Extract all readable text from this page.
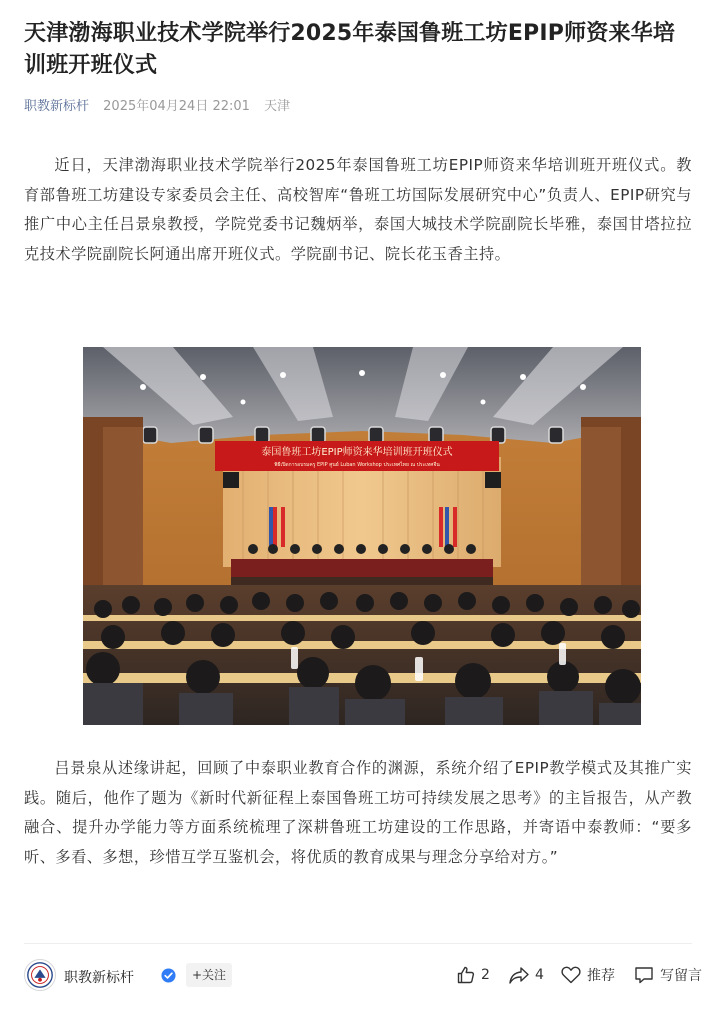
天津渤海职业技术学院举行2025年泰国鲁班工坊EPIP师资来华培训班开班仪式
职教新标杆 2025年04月24日 22:01 天津

近日，天津渤海职业技术学院举行2025年泰国鲁班工坊EPIP师资来华培训班开班仪式。教育部鲁班工坊建设专家委员会主任、高校智库“鲁班工坊国际发展研究中心”负责人、EPIP研究与推广中心主任吕景泉教授，学院党委书记魏炳举，泰国大城技术学院副院长毕雅，泰国甘塔拉拉克技术学院副院长阿通出席开班仪式。学院副书记、院长花玉香主持。

泰国鲁班工坊EPIP师资来华培训班开班仪式
พิธีเปิดการอบรมครู EPIP ศูนย์ Luban Workshop ประเทศไทย ณ ประเทศจีน

吕景泉从述缘讲起，回顾了中泰职业教育合作的渊源，系统介绍了EPIP教学模式及其推广实践。随后，他作了题为《新时代新征程上泰国鲁班工坊可持续发展之思考》的主旨报告，从产教融合、提升办学能力等方面系统梳理了深耕鲁班工坊建设的工作思路，并寄语中泰教师：“要多听、多看、多想，珍惜互学互鉴机会，将优质的教育成果与理念分享给对方。”

职教新标杆	+关注	2	4	推荐	写留言
